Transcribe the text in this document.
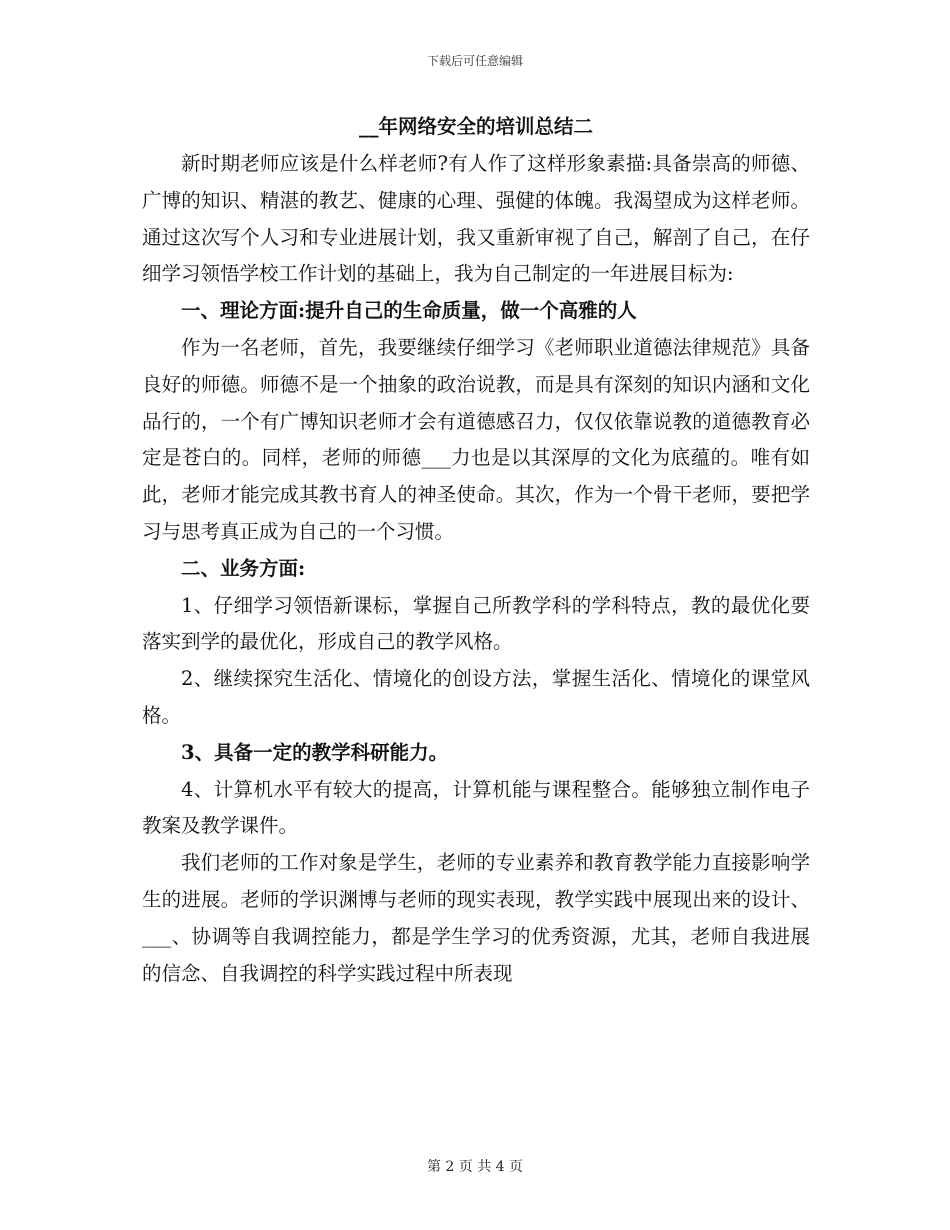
下载后可任意编辑
__年网络安全的培训总结二

新时期老师应该是什么样老师?有人作了这样形象素描:具备崇高的师德、广博的知识、精湛的教艺、健康的心理、强健的体魄。我渴望成为这样老师。通过这次写个人习和专业进展计划，我又重新审视了自己，解剖了自己，在仔细学习领悟学校工作计划的基础上，我为自己制定的一年进展目标为:

一、理论方面:提升自己的生命质量，做一个高雅的人

作为一名老师，首先，我要继续仔细学习《老师职业道德法律规范》具备良好的师德。师德不是一个抽象的政治说教，而是具有深刻的知识内涵和文化品行的，一个有广博知识老师才会有道德感召力，仅仅依靠说教的道德教育必定是苍白的。同样，老师的师德___力也是以其深厚的文化为底蕴的。唯有如此，老师才能完成其教书育人的神圣使命。其次，作为一个骨干老师，要把学习与思考真正成为自己的一个习惯。

二、业务方面:

1、仔细学习领悟新课标，掌握自己所教学科的学科特点，教的最优化要落实到学的最优化，形成自己的教学风格。

2、继续探究生活化、情境化的创设方法，掌握生活化、情境化的课堂风格。

3、具备一定的教学科研能力。

4、计算机水平有较大的提高，计算机能与课程整合。能够独立制作电子教案及教学课件。

我们老师的工作对象是学生，老师的专业素养和教育教学能力直接影响学生的进展。老师的学识渊博与老师的现实表现，教学实践中展现出来的设计、___、协调等自我调控能力，都是学生学习的优秀资源，尤其，老师自我进展的信念、自我调控的科学实践过程中所表现

第 2 页 共 4 页
